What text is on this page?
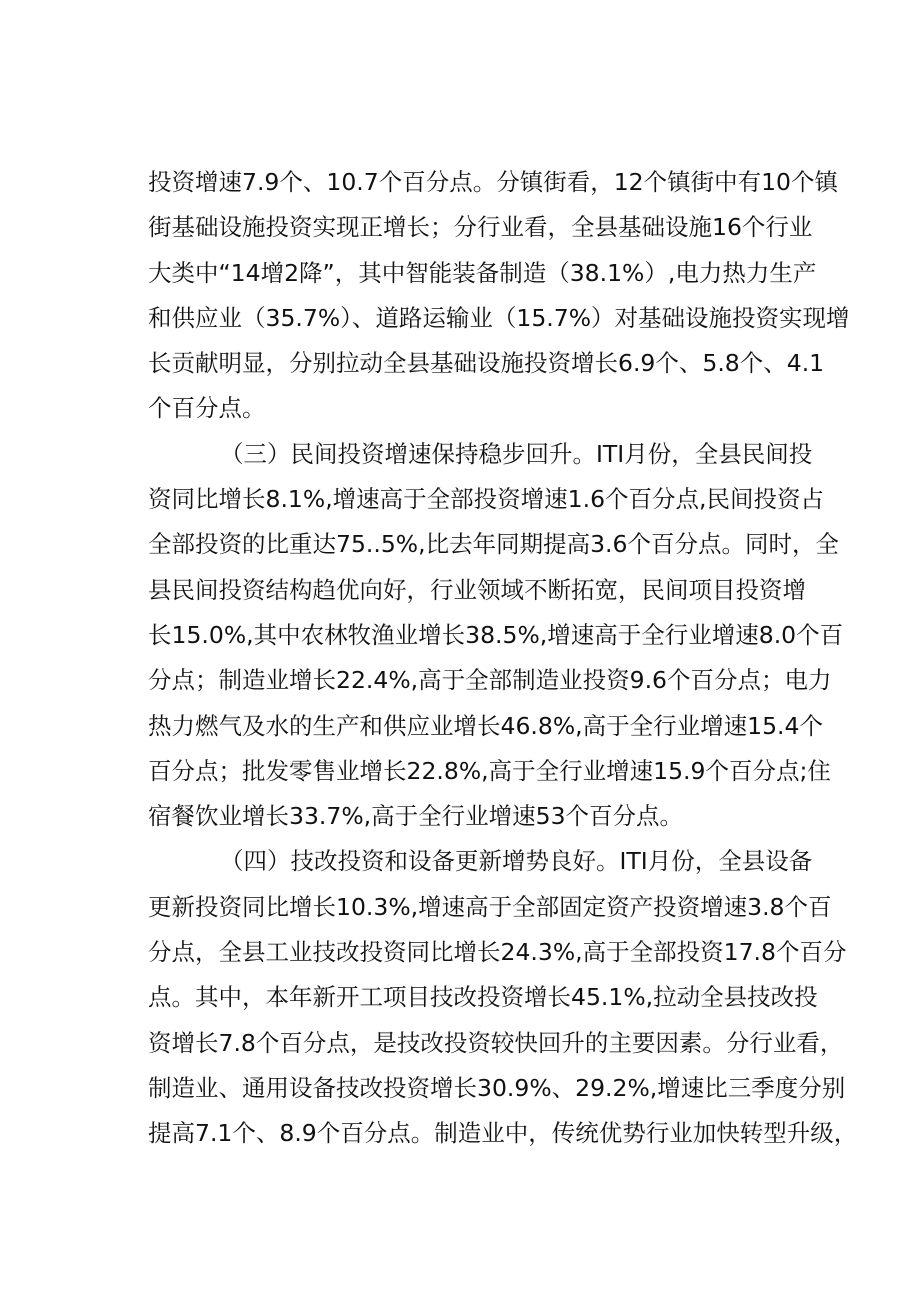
投资增速7.9个、10.7个百分点。分镇街看，12个镇街中有10个镇
街基础设施投资实现正增长；分行业看，全县基础设施16个行业
大类中“14增2降”，其中智能装备制造（38.1%）,电力热力生产
和供应业（35.7%）、道路运输业（15.7%）对基础设施投资实现增
长贡献明显，分别拉动全县基础设施投资增长6.9个、5.8个、4.1
个百分点。
（三）民间投资增速保持稳步回升。ITI月份，全县民间投
资同比增长8.1%,增速高于全部投资增速1.6个百分点,民间投资占
全部投资的比重达75..5%,比去年同期提高3.6个百分点。同时，全
县民间投资结构趋优向好，行业领域不断拓宽，民间项目投资增
长15.0%,其中农林牧渔业增长38.5%,增速高于全行业增速8.0个百
分点；制造业增长22.4%,高于全部制造业投资9.6个百分点；电力
热力燃气及水的生产和供应业增长46.8%,高于全行业增速15.4个
百分点；批发零售业增长22.8%,高于全行业增速15.9个百分点;住
宿餐饮业增长33.7%,高于全行业增速53个百分点。
（四）技改投资和设备更新增势良好。ITI月份，全县设备
更新投资同比增长10.3%,增速高于全部固定资产投资增速3.8个百
分点，全县工业技改投资同比增长24.3%,高于全部投资17.8个百分
点。其中，本年新开工项目技改投资增长45.1%,拉动全县技改投
资增长7.8个百分点，是技改投资较快回升的主要因素。分行业看，
制造业、通用设备技改投资增长30.9%、29.2%,增速比三季度分别
提高7.1个、8.9个百分点。制造业中，传统优势行业加快转型升级，
